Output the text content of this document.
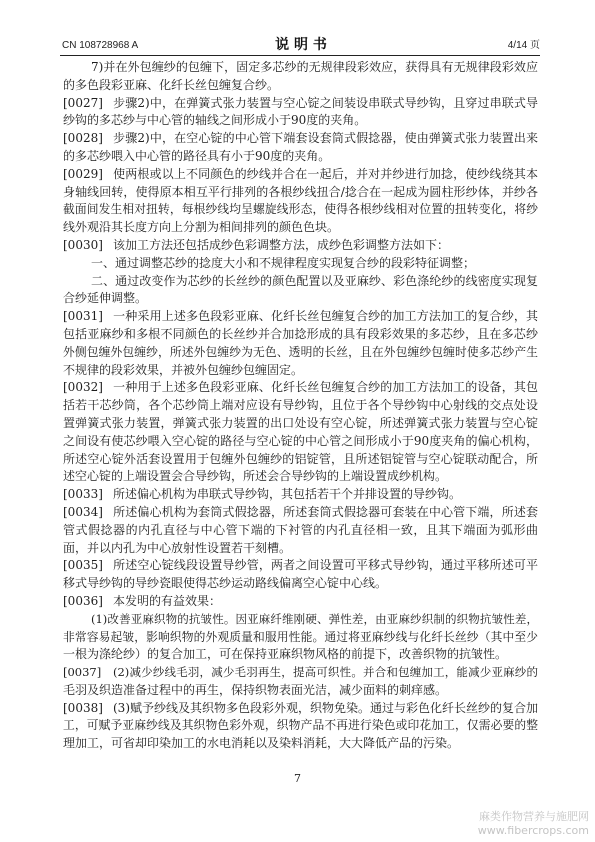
CN 108728968 A	说 明 书	4/14 页
7)并在外包缠纱的包缠下，固定多芯纱的无规律段彩效应，获得具有无规律段彩效应
的多色段彩亚麻、化纤长丝包缠复合纱。
[0027] 步骤2)中，在弹簧式张力装置与空心锭之间装设串联式导纱钩，且穿过串联式导
纱钩的多芯纱与中心管的轴线之间形成小于90度的夹角。
[0028] 步骤2)中，在空心锭的中心管下端套设套筒式假捻器，使由弹簧式张力装置出来
的多芯纱喂入中心管的路径具有小于90度的夹角。
[0029] 使两根或以上不同颜色的纱线并合在一起后，并对并纱进行加捻，使纱线绕其本
身轴线回转，使得原本相互平行排列的各根纱线扭合/捻合在一起成为圆柱形纱体，并纱各
截面间发生相对扭转，每根纱线均呈螺旋线形态，使得各根纱线相对位置的扭转变化，将纱
线外观沿其长度方向上分割为相间排列的颜色色块。
[0030] 该加工方法还包括成纱色彩调整方法，成纱色彩调整方法如下：
一、通过调整芯纱的捻度大小和不规律程度实现复合纱的段彩特征调整；
二、通过改变作为芯纱的长丝纱的颜色配置以及亚麻纱、彩色涤纶纱的线密度实现复
合纱延伸调整。
[0031] 一种采用上述多色段彩亚麻、化纤长丝包缠复合纱的加工方法加工的复合纱，其
包括亚麻纱和多根不同颜色的长丝纱并合加捻形成的具有段彩效果的多芯纱，且在多芯纱
外侧包缠外包缠纱，所述外包缠纱为无色、透明的长丝，且在外包缠纱包缠时使多芯纱产生
不规律的段彩效果，并被外包缠纱包缠固定。
[0032] 一种用于上述多色段彩亚麻、化纤长丝包缠复合纱的加工方法加工的设备，其包
括若干芯纱筒，各个芯纱筒上端对应设有导纱钩，且位于各个导纱钩中心射线的交点处设
置弹簧式张力装置，弹簧式张力装置的出口处设有空心锭，所述弹簧式张力装置与空心锭
之间设有使芯纱喂入空心锭的路径与空心锭的中心管之间形成小于90度夹角的偏心机构，
所述空心锭外活套设置用于包缠外包缠纱的铝锭管，且所述铝锭管与空心锭联动配合，所
述空心锭的上端设置会合导纱钩，所述会合导纱钩的上端设置成纱机构。
[0033] 所述偏心机构为串联式导纱钩，其包括若干个并排设置的导纱钩。
[0034] 所述偏心机构为套筒式假捻器，所述套筒式假捻器可套装在中心管下端，所述套
管式假捻器的内孔直径与中心管下端的下衬管的内孔直径相一致，且其下端面为弧形曲
面，并以内孔为中心放射性设置若干刻槽。
[0035] 所述空心锭线段设置导纱管，两者之间设置可平移式导纱钩，通过平移所述可平
移式导纱钩的导纱瓷眼使得芯纱运动路线偏离空心锭中心线。
[0036] 本发明的有益效果：
(1)改善亚麻织物的抗皱性。因亚麻纤维刚硬、弹性差，由亚麻纱织制的织物抗皱性差，
非常容易起皱，影响织物的外观质量和服用性能。通过将亚麻纱线与化纤长丝纱（其中至少
一根为涤纶纱）的复合加工，可在保持亚麻织物风格的前提下，改善织物的抗皱性。
[0037] (2)减少纱线毛羽，减少毛羽再生，提高可织性。并合和包缠加工，能减少亚麻纱的
毛羽及织造准备过程中的再生，保持织物表面光洁，减少面料的刺痒感。
[0038] (3)赋予纱线及其织物多色段彩外观，织物免染。通过与彩色化纤长丝纱的复合加
工，可赋予亚麻纱线及其织物色彩外观，织物产品不再进行染色或印花加工，仅需必要的整
理加工，可省却印染加工的水电消耗以及染料消耗，大大降低产品的污染。
7
麻类作物营养与施肥网
www.fibercrops.com
